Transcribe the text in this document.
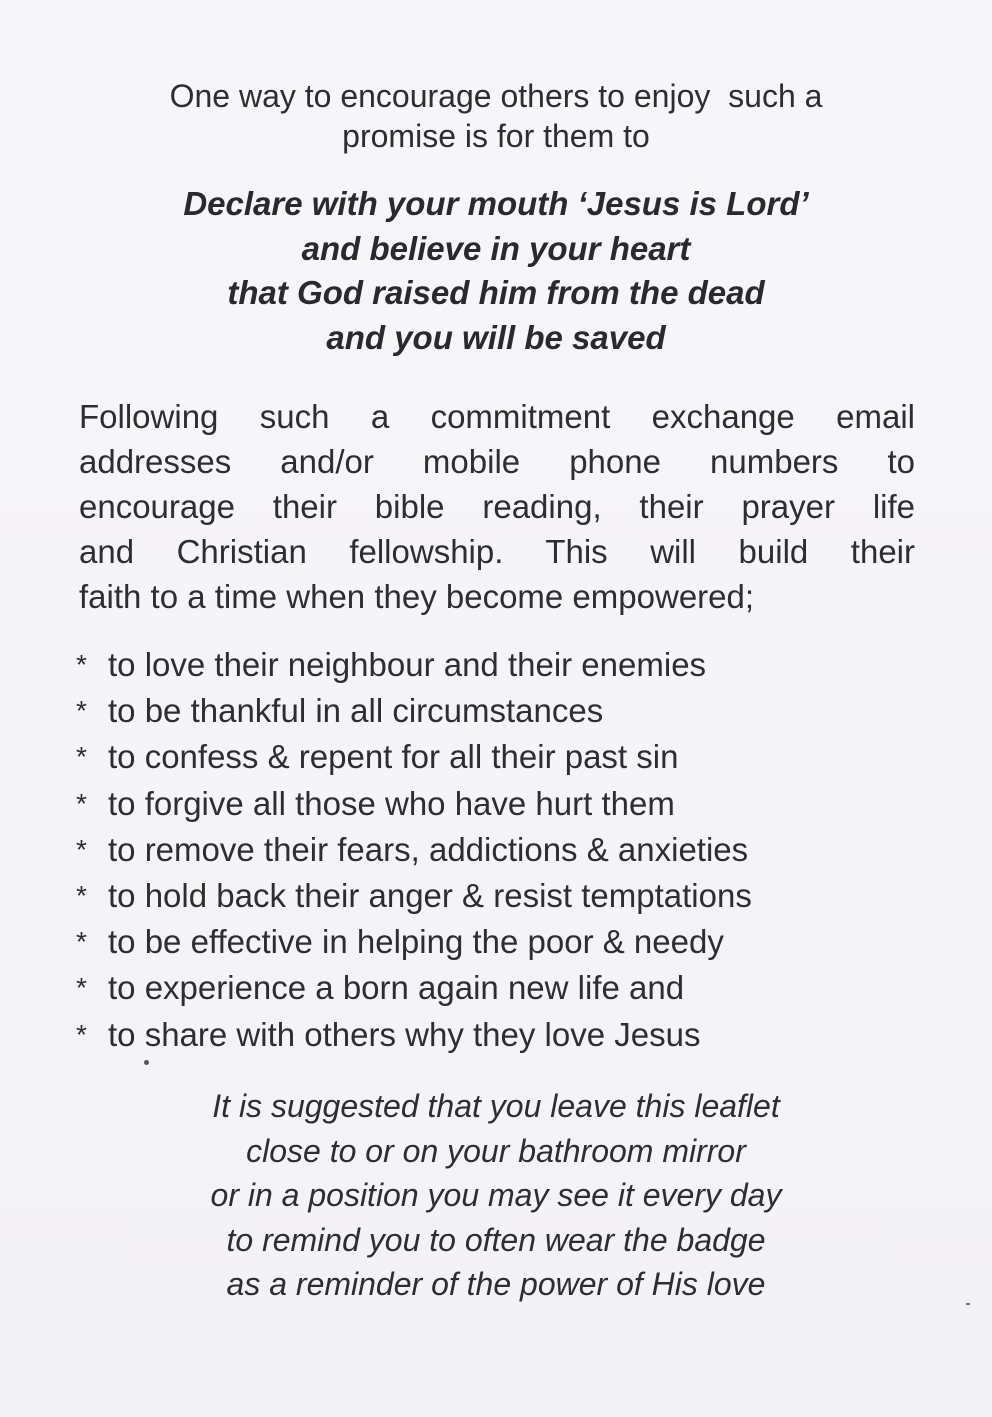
One way to encourage others to enjoy  such a
promise is for them to
Declare with your mouth ‘Jesus is Lord’
and believe in your heart
that God raised him from the dead
and you will be saved
Following such a commitment exchange email
addresses and/or mobile phone numbers to
encourage their bible reading, their prayer life
and Christian fellowship. This will build their
faith to a time when they become empowered;
* to love their neighbour and their enemies
* to be thankful in all circumstances
* to confess & repent for all their past sin
* to forgive all those who have hurt them
* to remove their fears, addictions & anxieties
* to hold back their anger & resist temptations
* to be effective in helping the poor & needy
* to experience a born again new life and
* to share with others why they love Jesus
It is suggested that you leave this leaflet
close to or on your bathroom mirror
or in a position you may see it every day
to remind you to often wear the badge
as a reminder of the power of His love
